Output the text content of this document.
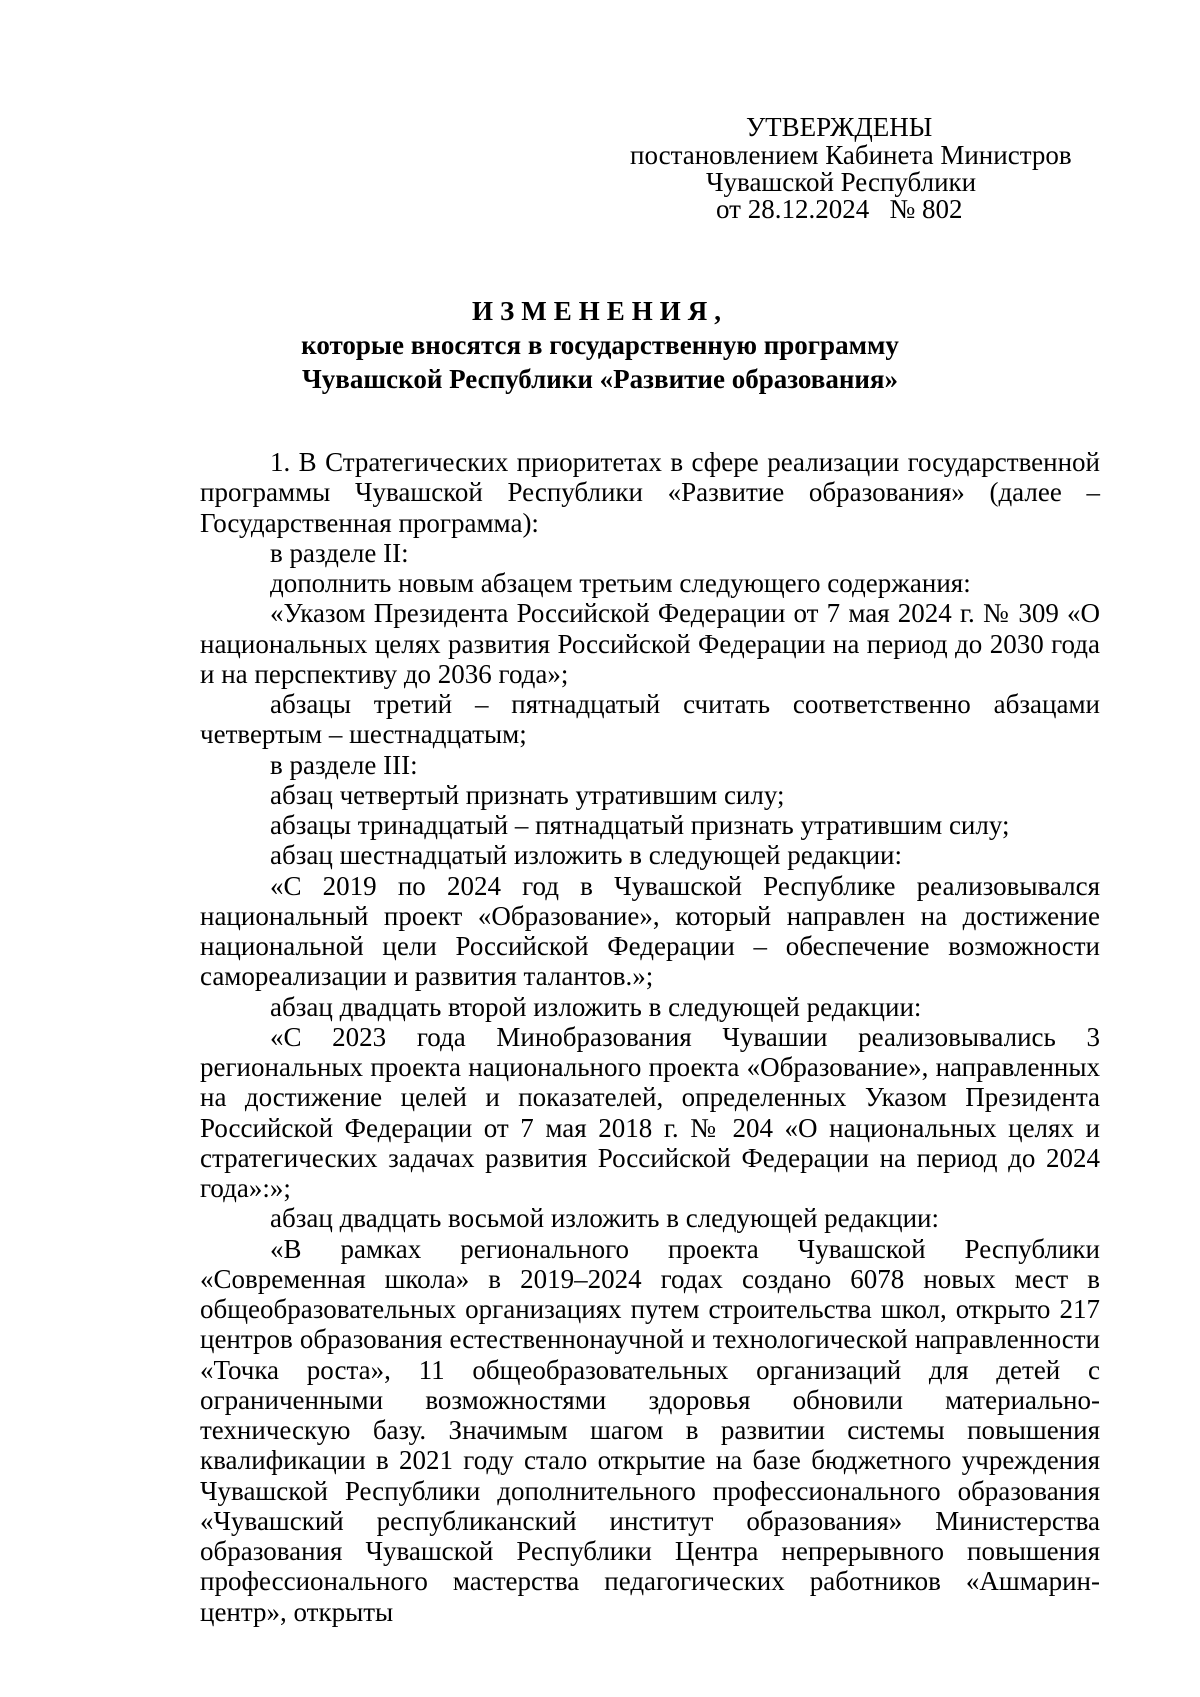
УТВЕРЖДЕНЫ
постановлением Кабинета Министров
Чувашской Республики
от 28.12.2024   № 802
ИЗМЕНЕНИЯ,
которые вносятся в государственную программу
Чувашской Республики «Развитие образования»

1. В Стратегических приоритетах в сфере реализации государственной программы Чувашской Республики «Развитие образования» (далее – Государственная программа):

в разделе II:

дополнить новым абзацем третьим следующего содержания:

«Указом Президента Российской Федерации от 7 мая 2024 г. № 309 «О национальных целях развития Российской Федерации на период до 2030 года и на перспективу до 2036 года»;

абзацы третий – пятнадцатый считать соответственно абзацами четвертым – шестнадцатым;

в разделе III:

абзац четвертый признать утратившим силу;

абзацы тринадцатый – пятнадцатый признать утратившим силу;

абзац шестнадцатый изложить в следующей редакции:

«С 2019 по 2024 год в Чувашской Республике реализовывался национальный проект «Образование», который направлен на достижение национальной цели Российской Федерации – обеспечение возможности самореализации и развития талантов.»;

абзац двадцать второй изложить в следующей редакции:

«С 2023 года Минобразования Чувашии реализовывались 3 региональных проекта национального проекта «Образование», направленных на достижение целей и показателей, определенных Указом Президента Российской Федерации от 7 мая 2018 г. № 204 «О национальных целях и стратегических задачах развития Российской Федерации на период до 2024 года»:»;

абзац двадцать восьмой изложить в следующей редакции:

«В рамках регионального проекта Чувашской Республики «Современная школа» в 2019–2024 годах создано 6078 новых мест в общеобразовательных организациях путем строительства школ, открыто 217 центров образования естественнонаучной и технологической направленности «Точка роста», 11 общеобразовательных организаций для детей с ограниченными возможностями здоровья обновили материально-техническую базу. Значимым шагом в развитии системы повышения квалификации в 2021 году стало открытие на базе бюджетного учреждения Чувашской Республики дополнительного профессионального образования «Чувашский республиканский институт образования» Министерства образования Чувашской Республики Центра непрерывного повышения профессионального мастерства педагогических работников «Ашмарин-центр», открыты
